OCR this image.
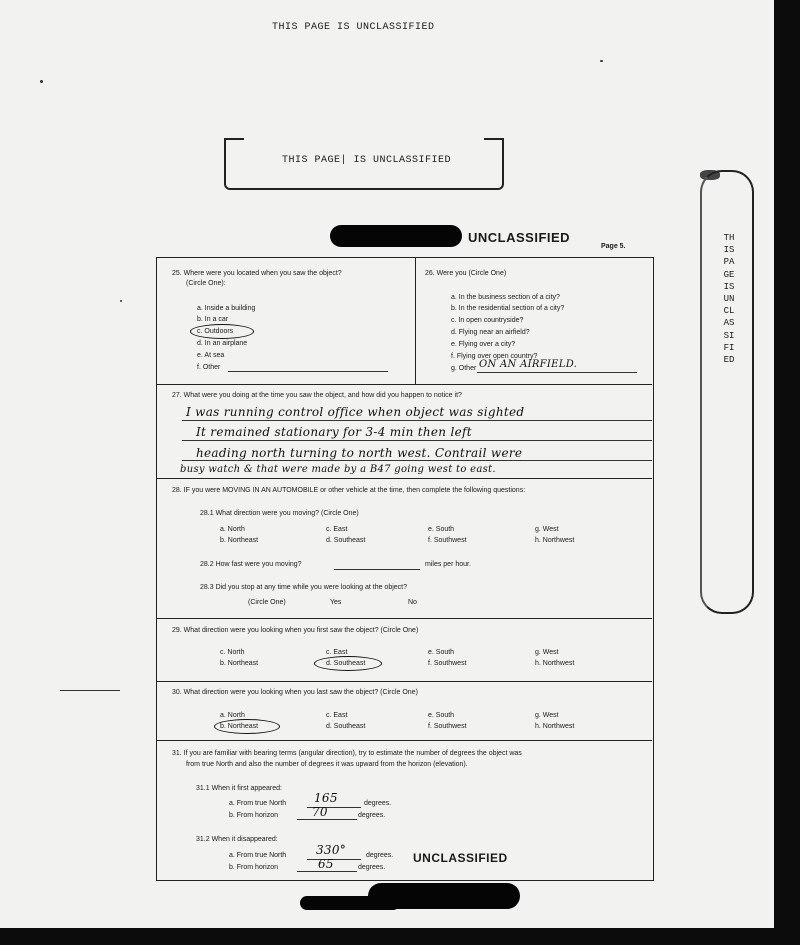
THIS PAGE IS UNCLASSIFIED
THIS PAGE| IS UNCLASSIFIED
UNCLASSIFIED
Page 5.
THIS PAGE IS UNCLASSIFIED
25. Where were you located when you saw the object?
(Circle One):
a. Inside a building
b. In a car
c. Outdoors
d. In an airplane
e. At sea
f. Other
26. Were you (Circle One)
a. In the business section of a city?
b. In the residential section of a city?
c. In open countryside?
d. Flying near an airfield?
e. Flying over a city?
f. Flying over open country?
g. Other ON AN AIRFIELD.
27. What were you doing at the time you saw the object, and how did you happen to notice it?
I was running control office when object was sighted
It remained stationary for 3-4 min then left
heading north turning to north west. Contrail were
busy watch & that were made by a B47 going west to east.
28. IF you were MOVING IN AN AUTOMOBILE or other vehicle at the time, then complete the following questions:
28.1 What direction were you moving? (Circle One)
a. North	c. East	e. South	g. West
b. Northeast	d. Southeast	f. Southwest	h. Northwest
28.2 How fast were you moving?	miles per hour.
28.3 Did you stop at any time while you were looking at the object?
(Circle One)	Yes	No
29. What direction were you looking when you first saw the object? (Circle One)
c. North	c. East	e. South	g. West
b. Northeast	d. Southeast	f. Southwest	h. Northwest
30. What direction were you looking when you last saw the object? (Circle One)
a. North	c. East	e. South	g. West
b. Northeast	d. Southeast	f. Southwest	h. Northwest
31. If you are familiar with bearing terms (angular direction), try to estimate the number of degrees the object was
from true North and also the number of degrees it was upward from the horizon (elevation).
31.1 When it first appeared:
a. From true North 165	degrees.
b. From horizon	70	degrees.
31.2 When it disappeared:
a. From true North 330°	degrees.
b. From horizon	65	degrees.
UNCLASSIFIED
